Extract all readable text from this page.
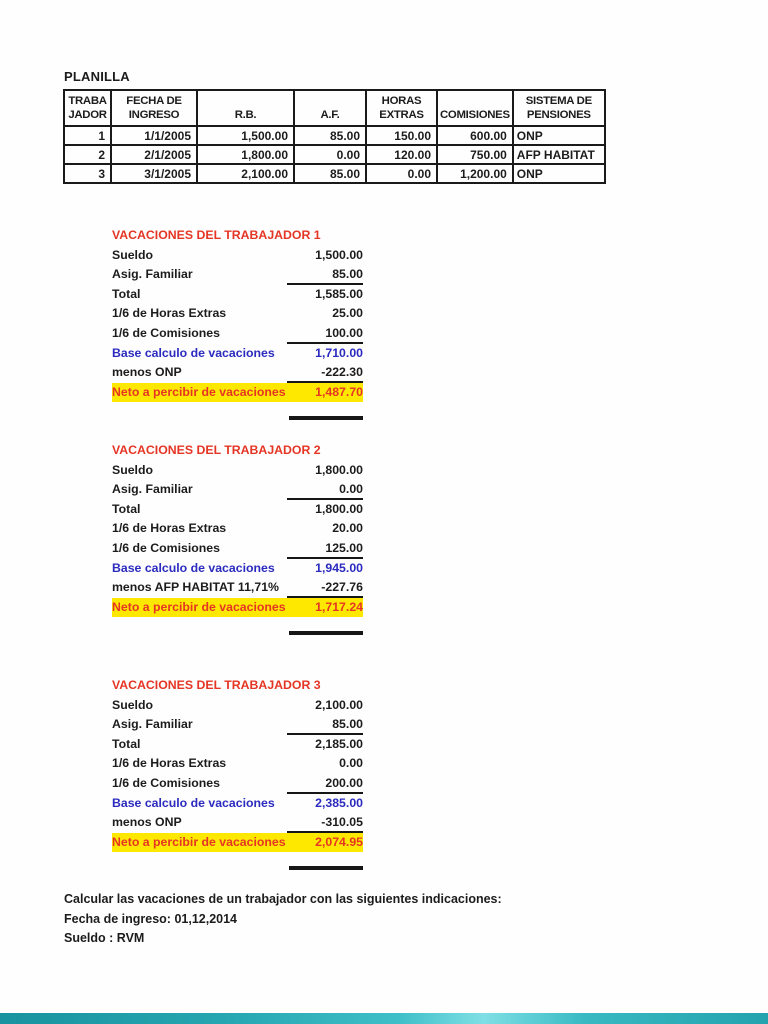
PLANILLA
TRABA JADOR	FECHA DE INGRESO	R.B.	A.F.	HORAS EXTRAS	COMISIONES	SISTEMA DE PENSIONES
1	1/1/2005	1,500.00	85.00	150.00	600.00	ONP
2	2/1/2005	1,800.00	0.00	120.00	750.00	AFP HABITAT
3	3/1/2005	2,100.00	85.00	0.00	1,200.00	ONP
VACACIONES DEL TRABAJADOR 1
Sueldo	1,500.00
Asig. Familiar	85.00
Total	1,585.00
1/6 de Horas Extras	25.00
1/6 de Comisiones	100.00
Base calculo de vacaciones	1,710.00
menos ONP	-222.30
Neto a percibir de vacaciones	1,487.70
VACACIONES DEL TRABAJADOR 2
Sueldo	1,800.00
Asig. Familiar	0.00
Total	1,800.00
1/6 de Horas Extras	20.00
1/6 de Comisiones	125.00
Base calculo de vacaciones	1,945.00
menos AFP HABITAT 11,71%	-227.76
Neto a percibir de vacaciones	1,717.24
VACACIONES DEL TRABAJADOR 3
Sueldo	2,100.00
Asig. Familiar	85.00
Total	2,185.00
1/6 de Horas Extras	0.00
1/6 de Comisiones	200.00
Base calculo de vacaciones	2,385.00
menos ONP	-310.05
Neto a percibir de vacaciones	2,074.95
Calcular las vacaciones de un trabajador con las siguientes indicaciones:
Fecha de ingreso: 01,12,2014
Sueldo : RVM
